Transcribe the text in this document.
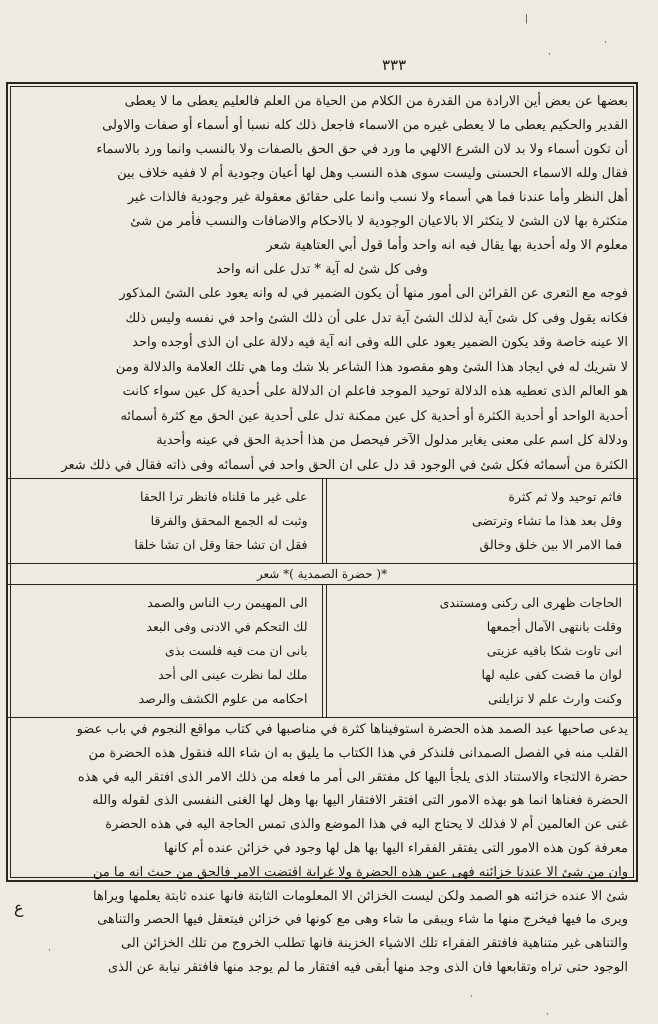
٣٣٣
بعضها عن بعض أين الارادة من القدرة من الكلام من الحياة من العلم فالعليم يعطى ما لا يعطى
القدير والحكيم يعطى ما لا يعطى غيره من الاسماء فاجعل ذلك كله نسبا أو أسماء أو صفات والاولى
أن تكون أسماء ولا بد لان الشرع الالهي ما ورد في حق الحق بالصفات ولا بالنسب وانما ورد بالاسماء
فقال ولله الاسماء الحسنى وليست سوى هذه النسب وهل لها أعيان وجودية أم لا ففيه خلاف بين
أهل النظر وأما عندنا فما هي أسماء ولا نسب وانما على حقائق معقولة غير وجودية فالذات غير
متكثرة بها لان الشئ لا يتكثر الا بالاعيان الوجودية لا بالاحكام والاضافات والنسب فأمر من شئ
معلوم الا وله أحدية بها يقال فيه انه واحد وأما قول أبي العتاهية شعر
وفى كل شئ له آية * تدل على انه واحد
فوجه مع التعرى عن القرائن الى أمور منها أن يكون الضمير في له وانه يعود على الشئ المذكور
فكانه يقول وفى كل شئ آية لذلك الشئ آية تدل على أن ذلك الشئ واحد في نفسه وليس ذلك
الا عينه خاصة وقد يكون الضمير يعود على الله وفى انه آية فيه دلالة على ان الذى أوجده واحد
لا شريك له في ايجاد هذا الشئ وهو مقصود هذا الشاعر بلا شك وما هي تلك العلامة والدلالة ومن
هو العالم الذى تعطيه هذه الدلالة توحيد الموجد فاعلم ان الدلالة على أحدية كل عين سواء كانت
أحدية الواحد أو أحدية الكثرة أو أحدية كل عين ممكنة تدل على أحدية عين الحق مع كثرة أسمائه
ودلالة كل اسم على معنى يغاير مدلول الآخر فيحصل من هذا أحدية الحق في عينه وأحدية
الكثرة من أسمائه فكل شئ في الوجود قد دل على ان الحق واحد في أسمائه وفى ذاته فقال في ذلك شعر
فاثم توحيد ولا ثم كثرة
وقل بعد هذا ما تشاء وترتضى
فما الامر الا بين خلق وخالق
على غير ما قلناه فانظر ترا الحقا
وثبت له الجمع المحقق والفرقا
فقل ان تشا حقا وقل ان تشا خلقا
*( حضرة الصمدية )* شعر
الحاجات ظهرى الى ركنى ومستندى
وقلت بانتهى الآمال أجمعها
انى تاوت شكا بافيه عزيتى
لوان ما قضت كفى عليه لها
وكنت وارث علم لا تزايلنى
الى المهيمن رب الناس والصمد
لك التحكم في الادنى وفى البعد
بانى ان مت فيه فلست بذى
ملك لما نظرت عينى الى أحد
احكامه من علوم الكشف والرصد
يدعى صاحبها عبد الصمد هذه الحضرة استوفيناها كثرة في مناصبها في كتاب مواقع النجوم في باب عضو
القلب منه في الفصل الصمدانى فلنذكر في هذا الكتاب ما يليق به ان شاء الله فنقول هذه الحضرة من
حضرة الالتجاء والاستناد الذى يلجأ اليها كل مفتقر الى أمر ما فعله من ذلك الامر الذى افتقر اليه في هذه
الحضرة فغناها انما هو بهذه الامور التى افتقر الافتقار اليها بها وهل لها الغنى النفسى الذى لقوله والله
غنى عن العالمين أم لا فذلك لا يحتاج اليه في هذا الموضع والذى تمس الحاجة اليه في هذه الحضرة
معرفة كون هذه الامور التى يفتقر الفقراء اليها بها هل لها وجود في خزائن عنده أم كانها
وان من شئ الا عندنا خزائنه فهى عين هذه الحضرة ولا غرابة اقتضت الامر فالحق من حيث انه ما من
شئ الا عنده خزائنه هو الصمد ولكن ليست الخزائن الا المعلومات الثابتة فانها عنده ثابتة يعلمها ويراها
ويرى ما فيها فيخرج منها ما شاء ويبقى ما شاء وهى مع كونها في خزائن فيتعقل فيها الحصر والتناهى
والتناهى غير متناهية فافتقر الفقراء تلك الاشياء الخزينة فانها تطلب الخروج من تلك الخزائن الى
الوجود حتى تراه وتقابعها فان الذى وجد منها أبقى فيه افتقار ما لم يوجد منها فافتقر نيابة عن الذى
ع
|
·
·
·
·
·
